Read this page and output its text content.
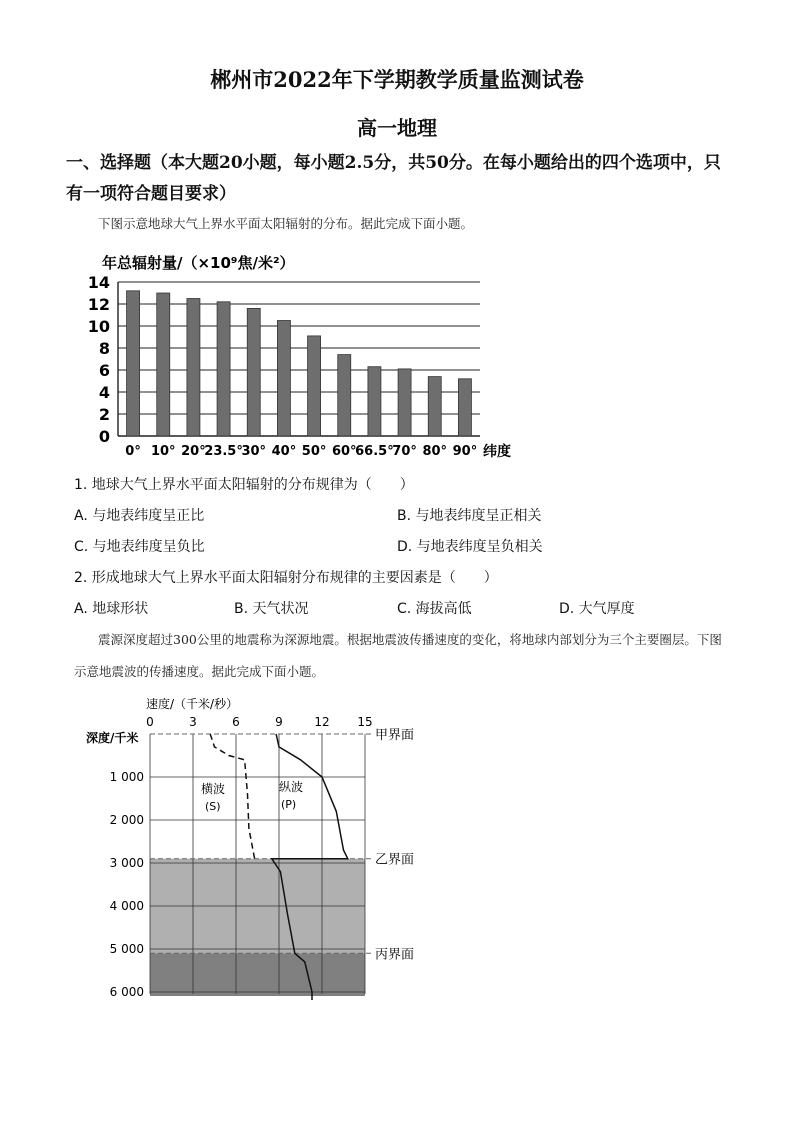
郴州市2022年下学期教学质量监测试卷
高一地理
一、选择题（本大题20小题，每小题2.5分，共50分。在每小题给出的四个选项中，只有一项符合题目要求）
下图示意地球大气上界水平面太阳辐射的分布。据此完成下面小题。
年总辐射量/（×10⁹焦/米²）
0
2
4
6
8
10
12
14
0° 10° 20°
23.5°
30° 40° 50° 60°
66.5°
70° 80° 90° 纬度
1. 地球大气上界水平面太阳辐射的分布规律为（　　）
A. 与地表纬度呈正比	B. 与地表纬度呈正相关
C. 与地表纬度呈负比	D. 与地表纬度呈负相关
2. 形成地球大气上界水平面太阳辐射分布规律的主要因素是（　　）
A. 地球形状	B. 天气状况	C. 海拔高低	D. 大气厚度
震源深度超过300公里的地震称为深源地震。根据地震波传播速度的变化，将地球内部划分为三个主要圈层。下图示意地震波的传播速度。据此完成下面小题。
速度/（千米/秒）
深度/千米
0	3	6	9	12 15
1 000
2 000
3 000
4 000
5 000
6 000
甲界面
乙界面
丙界面
横波
(S)
纵波
(P)
